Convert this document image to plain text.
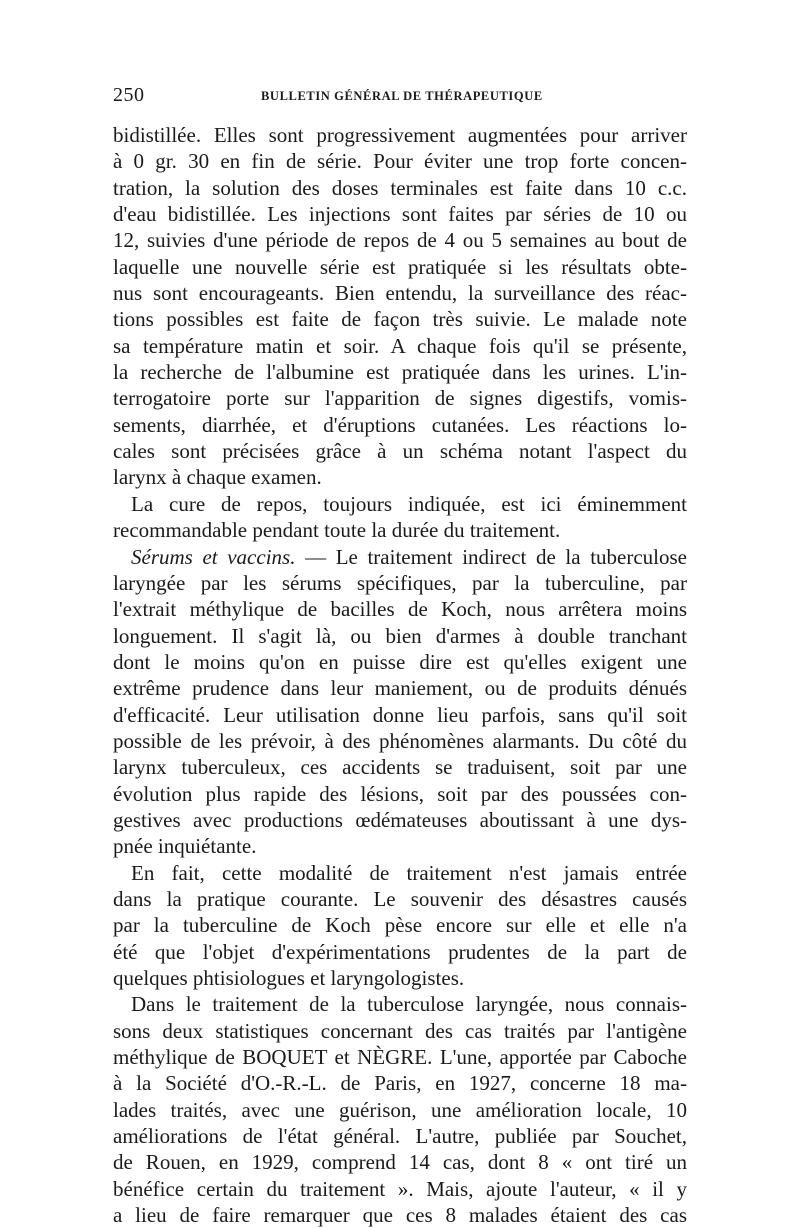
250	BULLETIN GÉNÉRAL DE THÉRAPEUTIQUE
bidistillée. Elles sont progressivement augmentées pour arriver
à 0 gr. 30 en fin de série. Pour éviter une trop forte concen-
tration, la solution des doses terminales est faite dans 10 c.c.
d'eau bidistillée. Les injections sont faites par séries de 10 ou
12, suivies d'une période de repos de 4 ou 5 semaines au bout de
laquelle une nouvelle série est pratiquée si les résultats obte-
nus sont encourageants. Bien entendu, la surveillance des réac-
tions possibles est faite de façon très suivie. Le malade note
sa température matin et soir. A chaque fois qu'il se présente,
la recherche de l'albumine est pratiquée dans les urines. L'in-
terrogatoire porte sur l'apparition de signes digestifs, vomis-
sements, diarrhée, et d'éruptions cutanées. Les réactions lo-
cales sont précisées grâce à un schéma notant l'aspect du
larynx à chaque examen.
La cure de repos, toujours indiquée, est ici éminemment
recommandable pendant toute la durée du traitement.
Sérums et vaccins. — Le traitement indirect de la tuberculose
laryngée par les sérums spécifiques, par la tuberculine, par
l'extrait méthylique de bacilles de Koch, nous arrêtera moins
longuement. Il s'agit là, ou bien d'armes à double tranchant
dont le moins qu'on en puisse dire est qu'elles exigent une
extrême prudence dans leur maniement, ou de produits dénués
d'efficacité. Leur utilisation donne lieu parfois, sans qu'il soit
possible de les prévoir, à des phénomènes alarmants. Du côté du
larynx tuberculeux, ces accidents se traduisent, soit par une
évolution plus rapide des lésions, soit par des poussées con-
gestives avec productions œdémateuses aboutissant à une dys-
pnée inquiétante.
En fait, cette modalité de traitement n'est jamais entrée
dans la pratique courante. Le souvenir des désastres causés
par la tuberculine de Koch pèse encore sur elle et elle n'a
été que l'objet d'expérimentations prudentes de la part de
quelques phtisiologues et laryngologistes.
Dans le traitement de la tuberculose laryngée, nous connais-
sons deux statistiques concernant des cas traités par l'antigène
méthylique de BOQUET et NÈGRE. L'une, apportée par Caboche
à la Société d'O.-R.-L. de Paris, en 1927, concerne 18 ma-
lades traités, avec une guérison, une amélioration locale, 10
améliorations de l'état général. L'autre, publiée par Souchet,
de Rouen, en 1929, comprend 14 cas, dont 8 « ont tiré un
bénéfice certain du traitement ». Mais, ajoute l'auteur, « il y
a lieu de faire remarquer que ces 8 malades étaient des cas
